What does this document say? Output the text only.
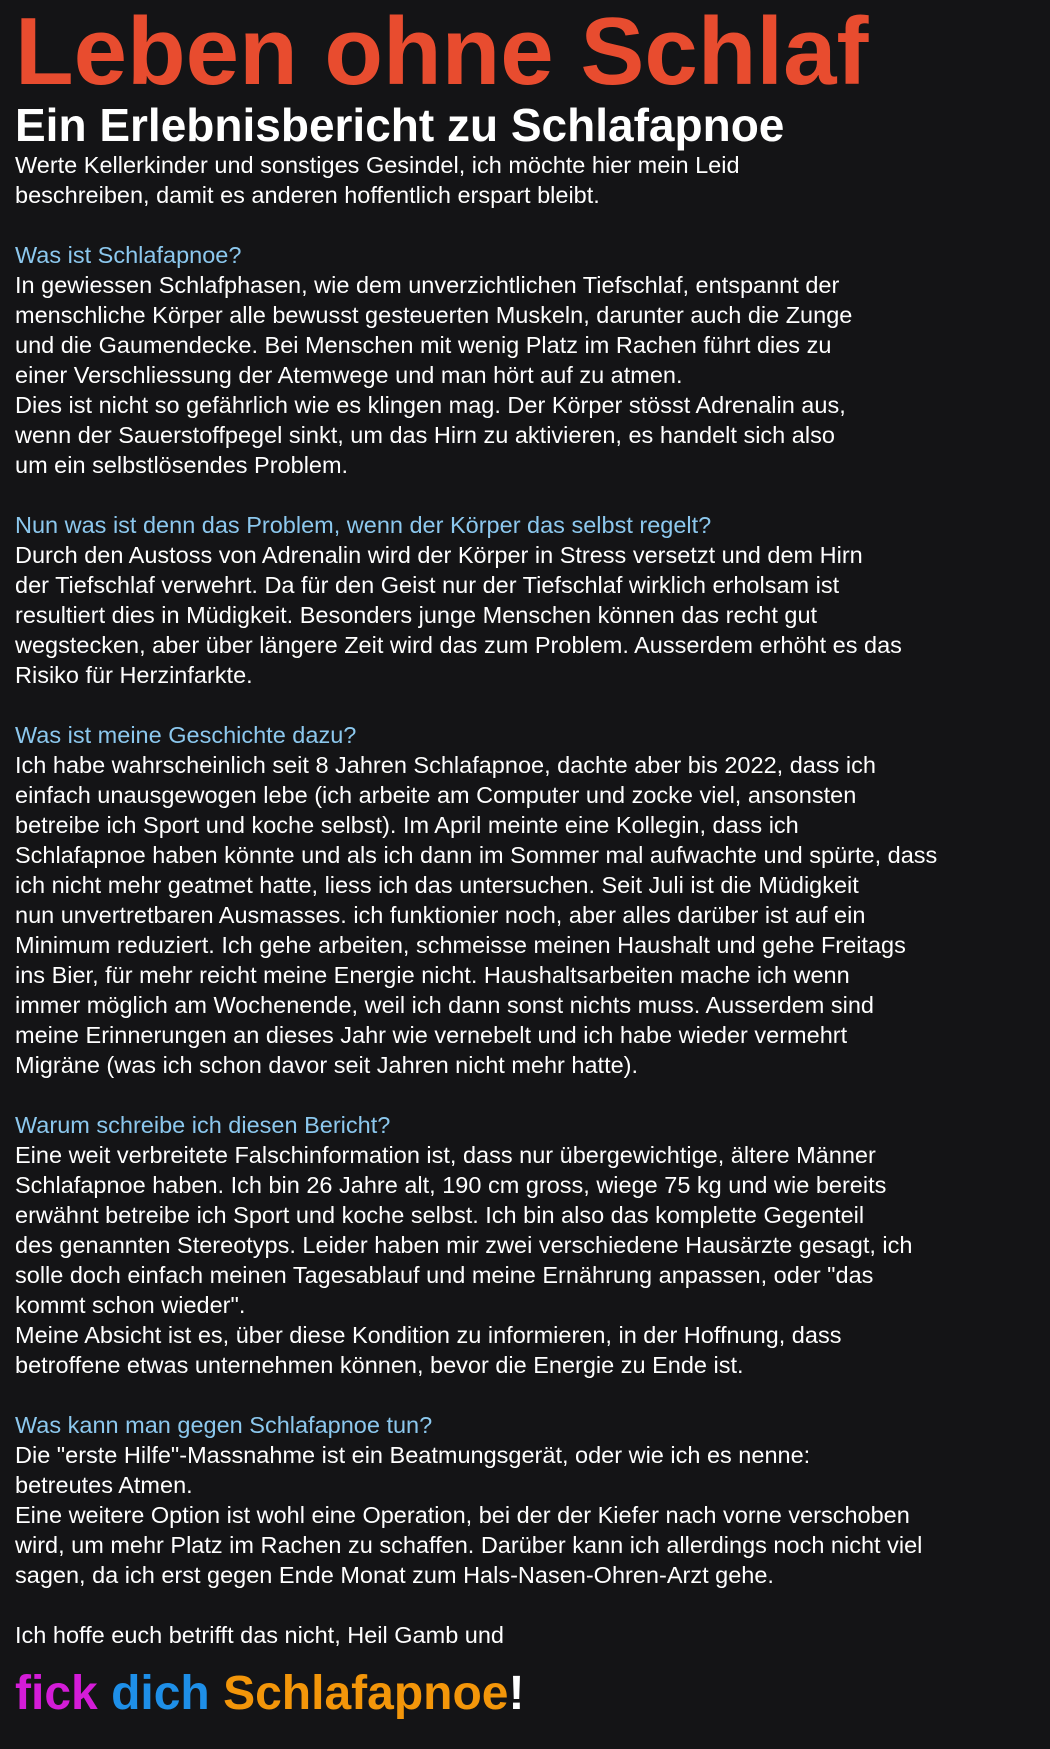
Leben ohne Schlaf
Ein Erlebnisbericht zu Schlafapnoe

Werte Kellerkinder und sonstiges Gesindel, ich möchte hier mein Leid
beschreiben, damit es anderen hoffentlich erspart bleibt.

Was ist Schlafapnoe?

In gewiessen Schlafphasen, wie dem unverzichtlichen Tiefschlaf, entspannt der
menschliche Körper alle bewusst gesteuerten Muskeln, darunter auch die Zunge
und die Gaumendecke. Bei Menschen mit wenig Platz im Rachen führt dies zu
einer Verschliessung der Atemwege und man hört auf zu atmen.
Dies ist nicht so gefährlich wie es klingen mag. Der Körper stösst Adrenalin aus,
wenn der Sauerstoffpegel sinkt, um das Hirn zu aktivieren, es handelt sich also
um ein selbstlösendes Problem.

Nun was ist denn das Problem, wenn der Körper das selbst regelt?

Durch den Austoss von Adrenalin wird der Körper in Stress versetzt und dem Hirn
der Tiefschlaf verwehrt. Da für den Geist nur der Tiefschlaf wirklich erholsam ist
resultiert dies in Müdigkeit. Besonders junge Menschen können das recht gut
wegstecken, aber über längere Zeit wird das zum Problem. Ausserdem erhöht es das
Risiko für Herzinfarkte.

Was ist meine Geschichte dazu?

Ich habe wahrscheinlich seit 8 Jahren Schlafapnoe, dachte aber bis 2022, dass ich
einfach unausgewogen lebe (ich arbeite am Computer und zocke viel, ansonsten
betreibe ich Sport und koche selbst). Im April meinte eine Kollegin, dass ich
Schlafapnoe haben könnte und als ich dann im Sommer mal aufwachte und spürte, dass
ich nicht mehr geatmet hatte, liess ich das untersuchen. Seit Juli ist die Müdigkeit
nun unvertretbaren Ausmasses. ich funktionier noch, aber alles darüber ist auf ein
Minimum reduziert. Ich gehe arbeiten, schmeisse meinen Haushalt und gehe Freitags
ins Bier, für mehr reicht meine Energie nicht. Haushaltsarbeiten mache ich wenn
immer möglich am Wochenende, weil ich dann sonst nichts muss. Ausserdem sind
meine Erinnerungen an dieses Jahr wie vernebelt und ich habe wieder vermehrt
Migräne (was ich schon davor seit Jahren nicht mehr hatte).

Warum schreibe ich diesen Bericht?

Eine weit verbreitete Falschinformation ist, dass nur übergewichtige, ältere Männer
Schlafapnoe haben. Ich bin 26 Jahre alt, 190 cm gross, wiege 75 kg und wie bereits
erwähnt betreibe ich Sport und koche selbst. Ich bin also das komplette Gegenteil
des genannten Stereotyps. Leider haben mir zwei verschiedene Hausärzte gesagt, ich
solle doch einfach meinen Tagesablauf und meine Ernährung anpassen, oder "das
kommt schon wieder".
Meine Absicht ist es, über diese Kondition zu informieren, in der Hoffnung, dass
betroffene etwas unternehmen können, bevor die Energie zu Ende ist.

Was kann man gegen Schlafapnoe tun?

Die "erste Hilfe"-Massnahme ist ein Beatmungsgerät, oder wie ich es nenne:
betreutes Atmen.
Eine weitere Option ist wohl eine Operation, bei der der Kiefer nach vorne verschoben
wird, um mehr Platz im Rachen zu schaffen. Darüber kann ich allerdings noch nicht viel
sagen, da ich erst gegen Ende Monat zum Hals-Nasen-Ohren-Arzt gehe.

Ich hoffe euch betrifft das nicht, Heil Gamb und

fick dich Schlafapnoe!
